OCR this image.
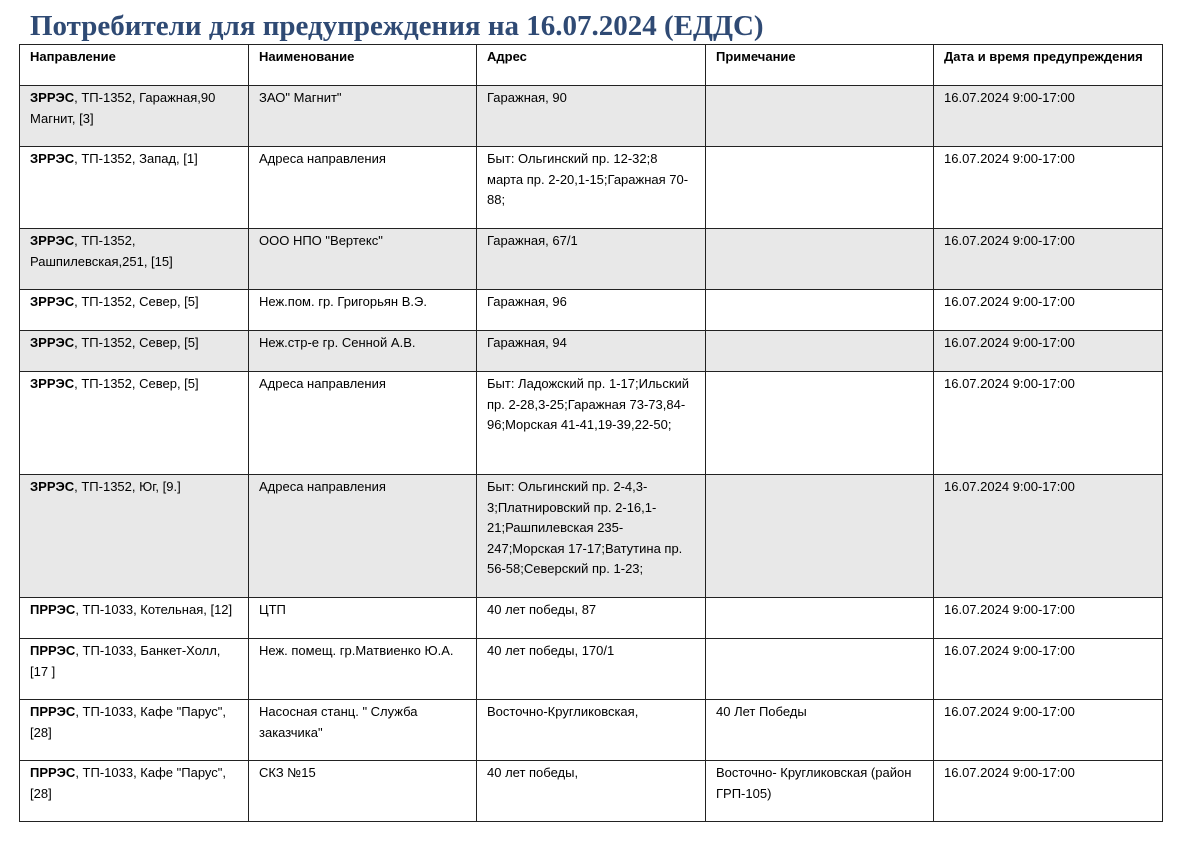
Потребители для предупреждения на 16.07.2024 (ЕДДС)
Направление	Наименование	Адрес	Примечание	Дата и время предупреждения
ЗРРЭС, ТП-1352, Гаражная,90 Магнит, [3]	ЗАО" Магнит"	Гаражная, 90		16.07.2024 9:00-17:00
ЗРРЭС, ТП-1352, Запад, [1]	Адреса направления	Быт: Ольгинский пр. 12-32;8 марта пр. 2-20,1-15;Гаражная 70-88;		16.07.2024 9:00-17:00
ЗРРЭС, ТП-1352, Рашпилевская,251, [15]	ООО НПО "Вертекс"	Гаражная, 67/1		16.07.2024 9:00-17:00
ЗРРЭС, ТП-1352, Север, [5]	Неж.пом. гр. Григорьян В.Э.	Гаражная, 96		16.07.2024 9:00-17:00
ЗРРЭС, ТП-1352, Север, [5]	Неж.стр-е гр. Сенной А.В.	Гаражная, 94		16.07.2024 9:00-17:00
ЗРРЭС, ТП-1352, Север, [5]	Адреса направления	Быт: Ладожский пр. 1-17;Ильский пр. 2-28,3-25;Гаражная 73-73,84-96;Морская 41-41,19-39,22-50;		16.07.2024 9:00-17:00
ЗРРЭС, ТП-1352, Юг, [9.]	Адреса направления	Быт: Ольгинский пр. 2-4,3-3;Платнировский пр. 2-16,1-21;Рашпилевская 235-247;Морская 17-17;Ватутина пр. 56-58;Северский пр. 1-23;		16.07.2024 9:00-17:00
ПРРЭС, ТП-1033, Котельная, [12]	ЦТП	40 лет победы, 87		16.07.2024 9:00-17:00
ПРРЭС, ТП-1033, Банкет-Холл, [17 ]	Неж. помещ. гр.Матвиенко Ю.А.	40 лет победы, 170/1		16.07.2024 9:00-17:00
ПРРЭС, ТП-1033, Кафе "Парус", [28]	Насосная станц. " Служба заказчика"	Восточно-Кругликовская,	40 Лет Победы	16.07.2024 9:00-17:00
ПРРЭС, ТП-1033, Кафе "Парус", [28]	СКЗ №15	40 лет победы,	Восточно- Кругликовская (район ГРП-105)	16.07.2024 9:00-17:00
